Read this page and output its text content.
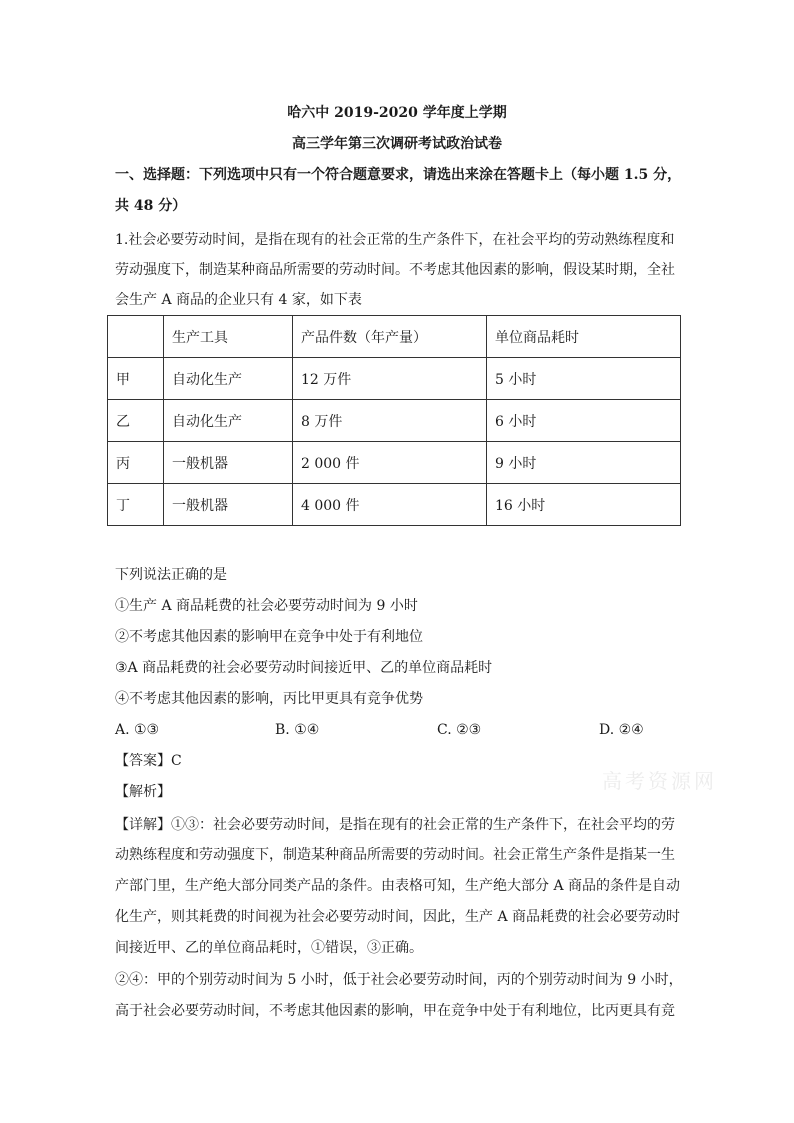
哈六中 2019-2020 学年度上学期
高三学年第三次调研考试政治试卷
一、选择题：下列选项中只有一个符合题意要求，请选出来涂在答题卡上（每小题 1.5 分，
共 48 分）
1.社会必要劳动时间，是指在现有的社会正常的生产条件下，在社会平均的劳动熟练程度和
劳动强度下，制造某种商品所需要的劳动时间。不考虑其他因素的影响，假设某时期，全社
会生产 A 商品的企业只有 4 家，如下表
	生产工具	产品件数（年产量）	单位商品耗时
甲	自动化生产	12 万件	5 小时
乙	自动化生产	8 万件	6 小时
丙	一般机器	2 000 件	9 小时
丁	一般机器	4 000 件	16 小时
下列说法正确的是
①生产 A 商品耗费的社会必要劳动时间为 9 小时
②不考虑其他因素的影响甲在竞争中处于有利地位
③A 商品耗费的社会必要劳动时间接近甲、乙的单位商品耗时
④不考虑其他因素的影响，丙比甲更具有竞争优势
A. ①③	B. ①④	C. ②③	D. ②④
【答案】C
【解析】
【详解】①③：社会必要劳动时间，是指在现有的社会正常的生产条件下，在社会平均的劳
动熟练程度和劳动强度下，制造某种商品所需要的劳动时间。社会正常生产条件是指某一生
产部门里，生产绝大部分同类产品的条件。由表格可知，生产绝大部分 A 商品的条件是自动
化生产，则其耗费的时间视为社会必要劳动时间，因此，生产 A 商品耗费的社会必要劳动时
间接近甲、乙的单位商品耗时，①错误，③正确。
②④：甲的个别劳动时间为 5 小时，低于社会必要劳动时间，丙的个别劳动时间为 9 小时，
高于社会必要劳动时间，不考虑其他因素的影响，甲在竞争中处于有利地位，比丙更具有竞
高考资源网
